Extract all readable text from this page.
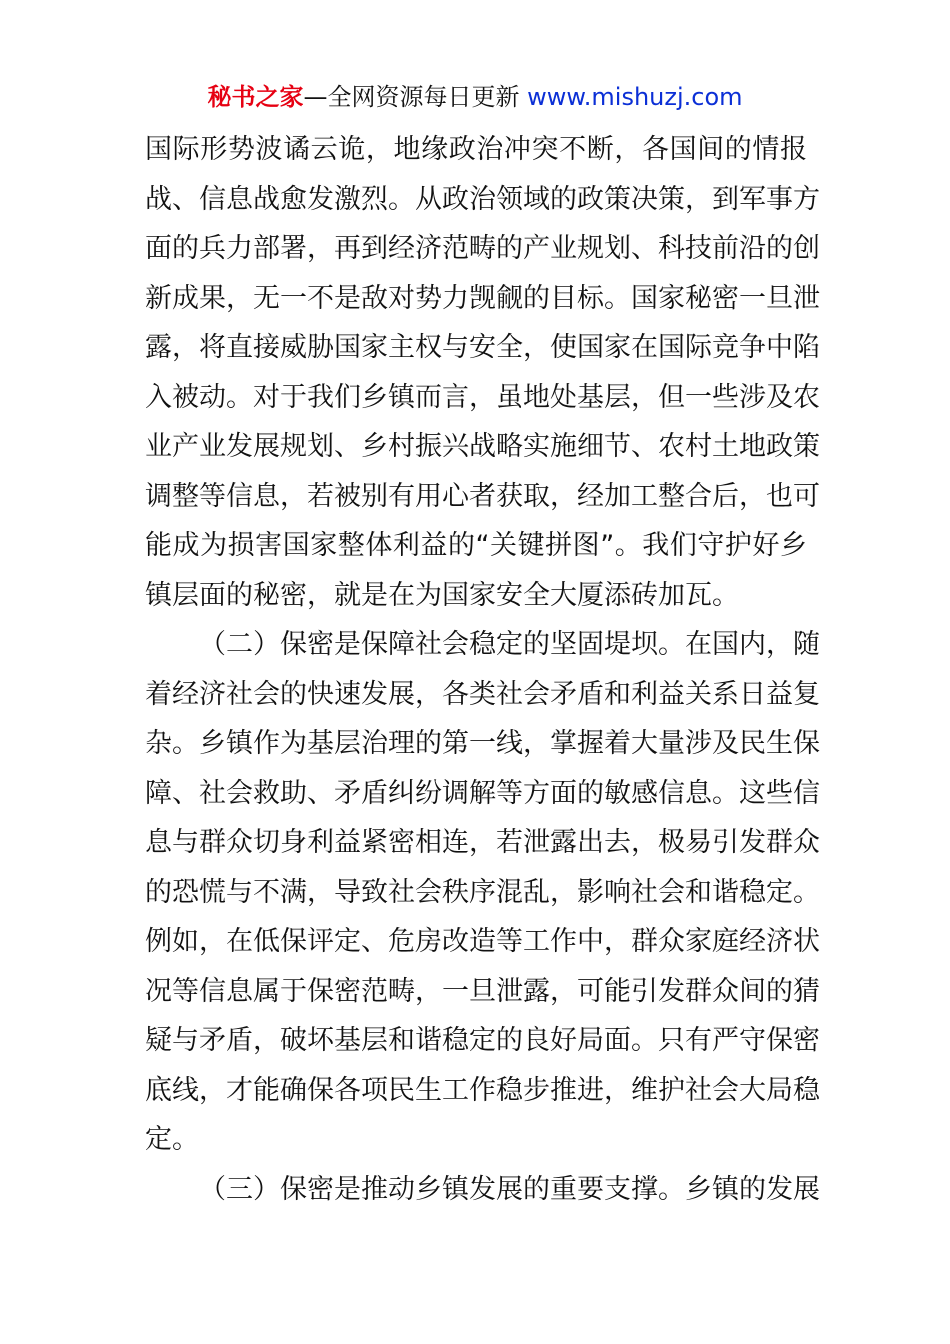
秘书之家—全网资源每日更新 www.mishuzj.com
国际形势波谲云诡，地缘政治冲突不断，各国间的情报
战、信息战愈发激烈。从政治领域的政策决策，到军事方
面的兵力部署，再到经济范畴的产业规划、科技前沿的创
新成果，无一不是敌对势力觊觎的目标。国家秘密一旦泄
露，将直接威胁国家主权与安全，使国家在国际竞争中陷
入被动。对于我们乡镇而言，虽地处基层，但一些涉及农
业产业发展规划、乡村振兴战略实施细节、农村土地政策
调整等信息，若被别有用心者获取，经加工整合后，也可
能成为损害国家整体利益的“关键拼图”。我们守护好乡
镇层面的秘密，就是在为国家安全大厦添砖加瓦。
（二）保密是保障社会稳定的坚固堤坝。在国内，随
着经济社会的快速发展，各类社会矛盾和利益关系日益复
杂。乡镇作为基层治理的第一线，掌握着大量涉及民生保
障、社会救助、矛盾纠纷调解等方面的敏感信息。这些信
息与群众切身利益紧密相连，若泄露出去，极易引发群众
的恐慌与不满，导致社会秩序混乱，影响社会和谐稳定。
例如，在低保评定、危房改造等工作中，群众家庭经济状
况等信息属于保密范畴，一旦泄露，可能引发群众间的猜
疑与矛盾，破坏基层和谐稳定的良好局面。只有严守保密
底线，才能确保各项民生工作稳步推进，维护社会大局稳
定。
（三）保密是推动乡镇发展的重要支撑。乡镇的发展
